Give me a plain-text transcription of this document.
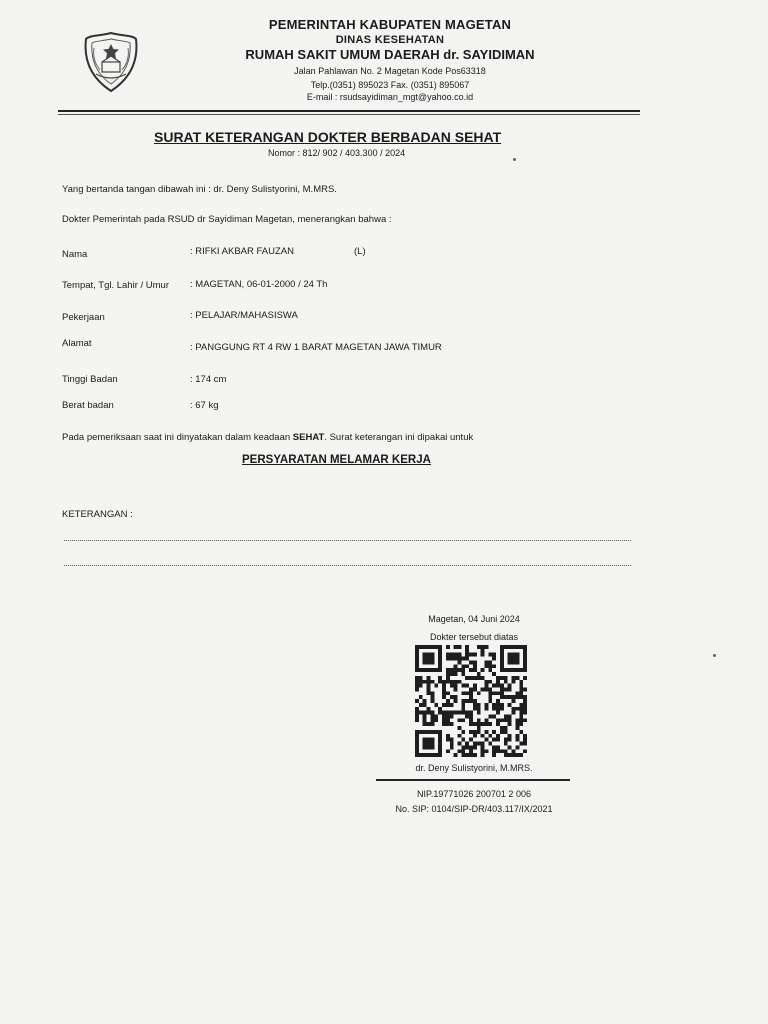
PEMERINTAH KABUPATEN MAGETAN
DINAS KESEHATAN
RUMAH SAKIT UMUM DAERAH dr. SAYIDIMAN
Jalan Pahlawan No. 2 Magetan Kode Pos63318
Telp.(0351) 895023 Fax. (0351) 895067
E-mail : rsudsayidiman_mgt@yahoo.co.id
SURAT KETERANGAN DOKTER BERBADAN SEHAT
Nomor : 812/ 902 / 403.300 / 2024
Yang bertanda tangan dibawah ini : dr. Deny Sulistyorini, M.MRS.
Dokter Pemerintah pada RSUD dr Sayidiman Magetan, menerangkan bahwa :
Nama	: RIFKI AKBAR FAUZAN	(L)
Tempat, Tgl. Lahir / Umur : MAGETAN, 06-01-2000 / 24 Th
Pekerjaan	: PELAJAR/MAHASISWA
Alamat	: PANGGUNG RT 4 RW 1 BARAT MAGETAN JAWA TIMUR
Tinggi Badan	: 174 cm
Berat badan	: 67 kg
Pada pemeriksaan saat ini dinyatakan dalam keadaan SEHAT. Surat keterangan ini dipakai untuk
PERSYARATAN MELAMAR KERJA
KETERANGAN :
Magetan, 04 Juni 2024
Dokter tersebut diatas
dr. Deny Sulistyorini, M.MRS.
NIP.19771026 200701 2 006
No. SIP: 0104/SIP-DR/403.117/IX/2021
